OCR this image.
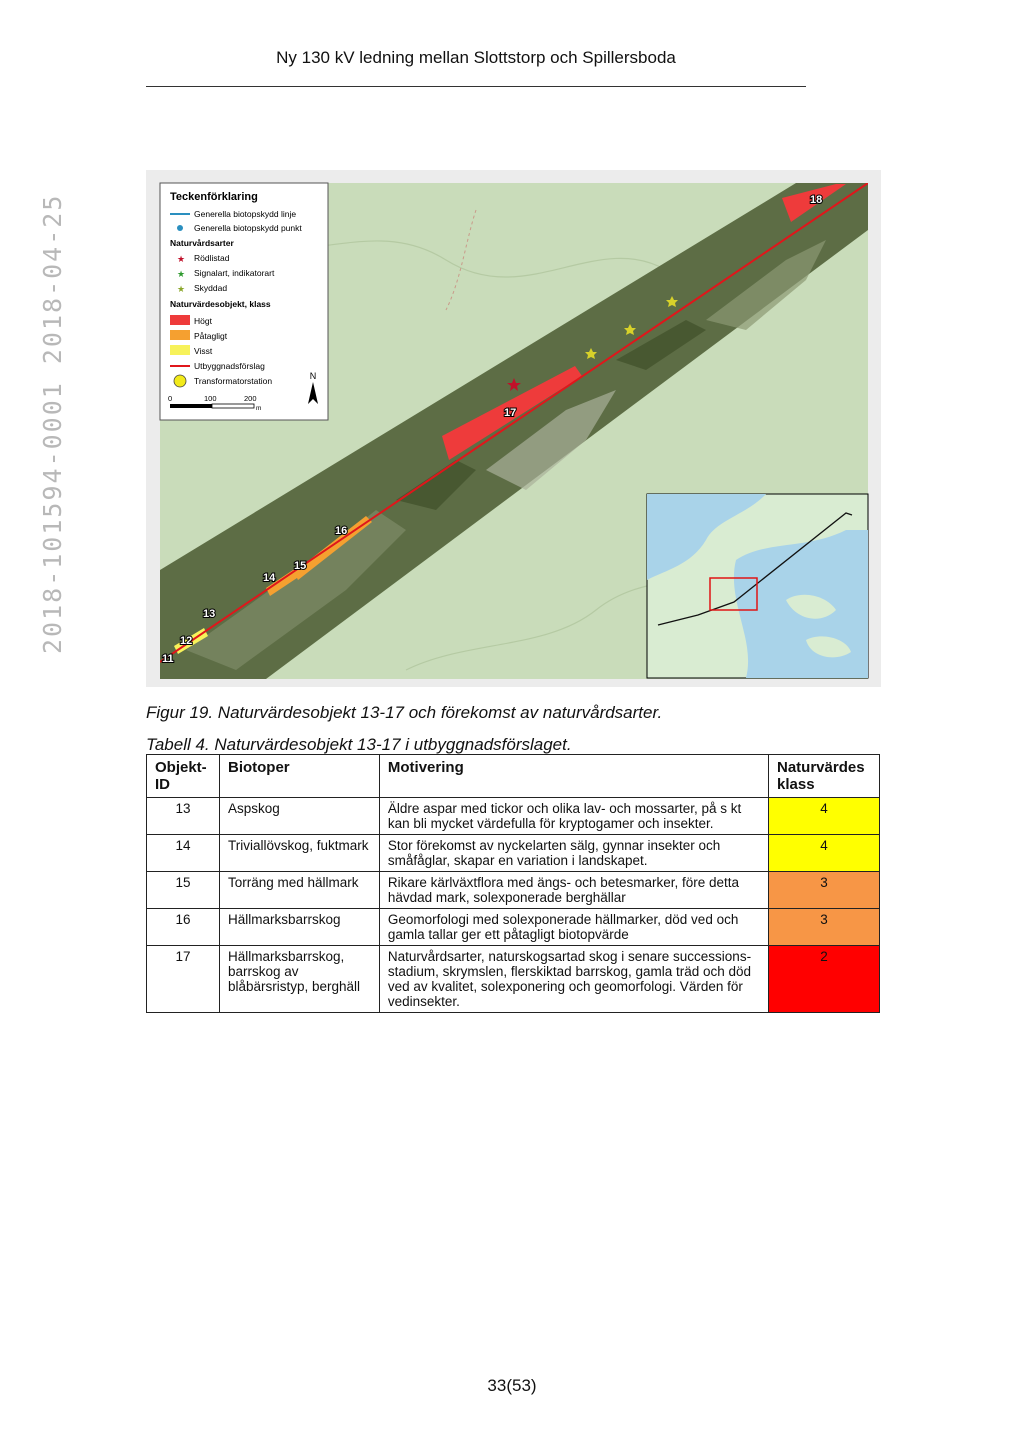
Ny 130 kV ledning mellan Slottstorp och Spillersboda
2018-101594-0001 2018-04-25
11
12
13
14
15
16
17
18
Teckenförklaring
Generella biotopskydd linje
Generella biotopskydd punkt
Naturvårdsarter
★ Rödlistad
★ Signalart, indikatorart
★ Skyddad
Naturvärdesobjekt, klass
Högt
Påtagligt
Visst
Utbyggnadsförslag
Transformatorstation
0	100	200
m
N
Figur 19. Naturvärdesobjekt 13-17 och förekomst av naturvårdsarter.
Tabell 4. Naturvärdesobjekt 13-17 i utbyggnadsförslaget.
Objekt-ID	Biotoper	Motivering	Naturvärdes klass
13	Aspskog	Äldre aspar med tickor och olika lav- och mossarter, på s kt kan bli mycket värdefulla för kryptogamer och insekter.	4
14	Triviallövskog, fuktmark	Stor förekomst av nyckelarten sälg, gynnar insekter och småfåglar, skapar en variation i landskapet.	4
15	Torräng med hällmark	Rikare kärlväxtflora med ängs- och betesmarker, före detta hävdad mark, solexponerade berghällar	3
16	Hällmarksbarrskog	Geomorfologi med solexponerade hällmarker, död ved och gamla tallar ger ett påtagligt biotopvärde	3
17	Hällmarksbarrskog, barrskog av blåbärsristyp, berghäll	Naturvårdsarter, naturskogsartad skog i senare successions-stadium, skrymslen, flerskiktad barrskog, gamla träd och död ved av kvalitet, solexponering och geomorfologi. Värden för vedinsekter.	2
33(53)
